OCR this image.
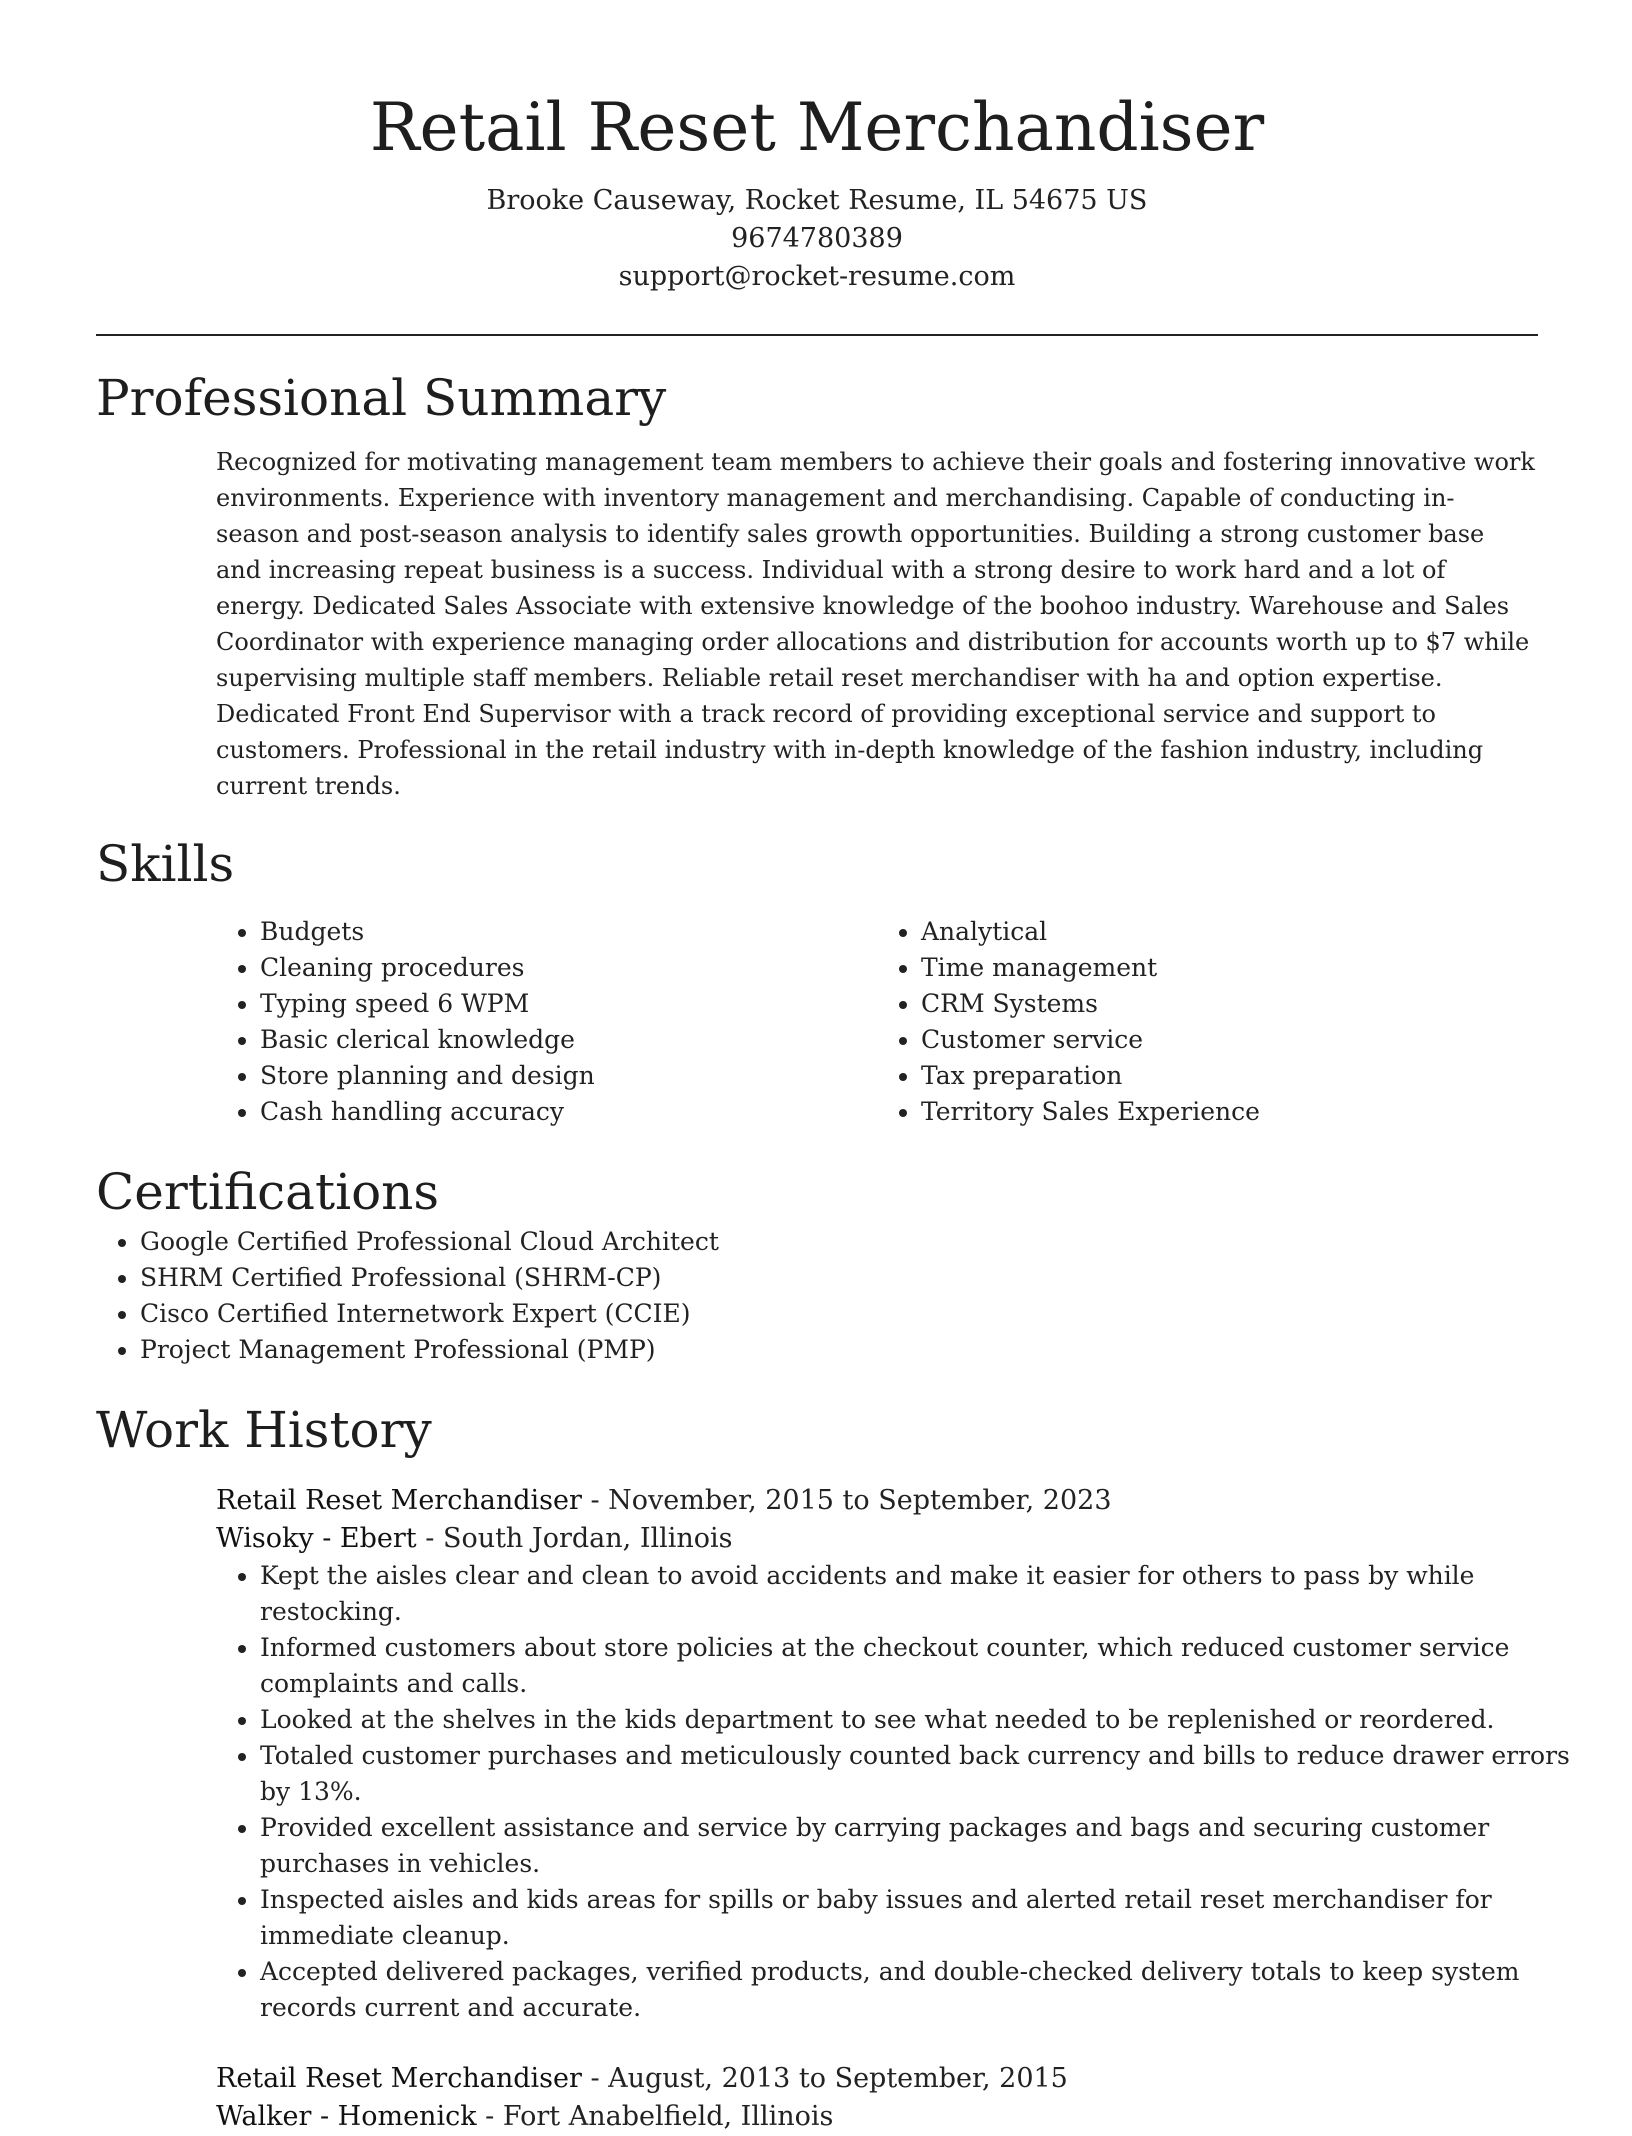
Retail Reset Merchandiser

Brooke Causeway, Rocket Resume, IL 54675 US

9674780389

support@rocket-resume.com

Professional Summary

Recognized for motivating management team members to achieve their goals and fostering innovative work environments. Experience with inventory management and merchandising. Capable of conducting in-season and post-season analysis to identify sales growth opportunities. Building a strong customer base and increasing repeat business is a success. Individual with a strong desire to work hard and a lot of energy. Dedicated Sales Associate with extensive knowledge of the boohoo industry. Warehouse and Sales Coordinator with experience managing order allocations and distribution for accounts worth up to $7 while supervising multiple staff members. Reliable retail reset merchandiser with ha and option expertise. Dedicated Front End Supervisor with a track record of providing exceptional service and support to customers. Professional in the retail industry with in-depth knowledge of the fashion industry, including current trends.

Skills
• Budgets
• Cleaning procedures
• Typing speed 6 WPM
• Basic clerical knowledge
• Store planning and design
• Cash handling accuracy
• Analytical
• Time management
• CRM Systems
• Customer service
• Tax preparation
• Territory Sales Experience
Certifications
• Google Certified Professional Cloud Architect
• SHRM Certified Professional (SHRM-CP)
• Cisco Certified Internetwork Expert (CCIE)
• Project Management Professional (PMP)
Work History

Retail Reset Merchandiser - November, 2015 to September, 2023

Wisoky - Ebert - South Jordan, Illinois

• Kept the aisles clear and clean to avoid accidents and make it easier for others to pass by while restocking.
• Informed customers about store policies at the checkout counter, which reduced customer service complaints and calls.
• Looked at the shelves in the kids department to see what needed to be replenished or reordered.
• Totaled customer purchases and meticulously counted back currency and bills to reduce drawer errors by 13%.
• Provided excellent assistance and service by carrying packages and bags and securing customer purchases in vehicles.
• Inspected aisles and kids areas for spills or baby issues and alerted retail reset merchandiser for immediate cleanup.
• Accepted delivered packages, verified products, and double-checked delivery totals to keep system records current and accurate.

Retail Reset Merchandiser - August, 2013 to September, 2015

Walker - Homenick - Fort Anabelfield, Illinois
